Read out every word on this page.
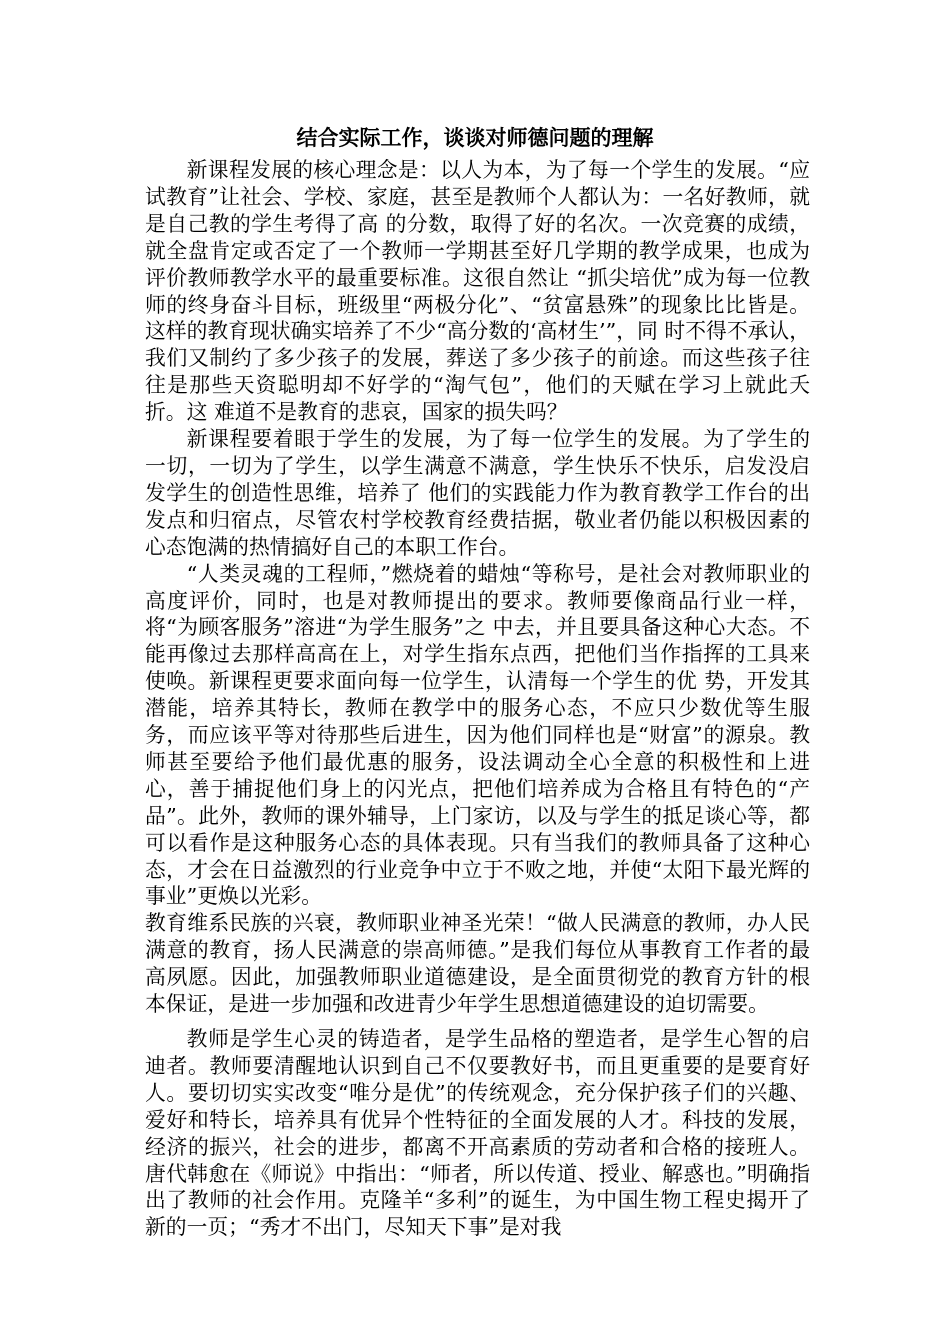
结合实际工作，谈谈对师德问题的理解

新课程发展的核心理念是：以人为本，为了每一个学生的发展。“应试教育”让社会、学校、家庭，甚至是教师个人都认为：一名好教师，就是自己教的学生考得了高 的分数，取得了好的名次。一次竞赛的成绩，就全盘肯定或否定了一个教师一学期甚至好几学期的教学成果，也成为评价教师教学水平的最重要标准。这很自然让 “抓尖培优”成为每一位教师的终身奋斗目标，班级里“两极分化”、“贫富悬殊”的现象比比皆是。这样的教育现状确实培养了不少“高分数的‘高材生’”，同 时不得不承认，我们又制约了多少孩子的发展，葬送了多少孩子的前途。而这些孩子往往是那些天资聪明却不好学的“淘气包”，他们的天赋在学习上就此夭折。这 难道不是教育的悲哀，国家的损失吗？

新课程要着眼于学生的发展，为了每一位学生的发展。为了学生的一切，一切为了学生，以学生满意不满意，学生快乐不快乐，启发没启发学生的创造性思维，培养了 他们的实践能力作为教育教学工作台的出发点和归宿点，尽管农村学校教育经费拮据，敬业者仍能以积极因素的心态饱满的热情搞好自己的本职工作台。

“人类灵魂的工程师，”燃烧着的蜡烛“等称号，是社会对教师职业的高度评价，同时，也是对教师提出的要求。教师要像商品行业一样，将“为顾客服务”溶进“为学生服务”之 中去，并且要具备这种心大态。不能再像过去那样高高在上，对学生指东点西，把他们当作指挥的工具来使唤。新课程更要求面向每一位学生，认清每一个学生的优 势，开发其潜能，培养其特长，教师在教学中的服务心态，不应只少数优等生服务，而应该平等对待那些后进生，因为他们同样也是“财富”的源泉。教师甚至要给予他们最优惠的服务，设法调动全心全意的积极性和上进心，善于捕捉他们身上的闪光点，把他们培养成为合格且有特色的“产品”。此外，教师的课外辅导，上门家访，以及与学生的抵足谈心等，都可以看作是这种服务心态的具体表现。只有当我们的教师具备了这种心态，才会在日益激烈的行业竞争中立于不败之地，并使“太阳下最光辉的事业”更焕以光彩。

教育维系民族的兴衰，教师职业神圣光荣！“做人民满意的教师，办人民满意的教育，扬人民满意的崇高师德。”是我们每位从事教育工作者的最高夙愿。因此，加强教师职业道德建设，是全面贯彻党的教育方针的根本保证，是进一步加强和改进青少年学生思想道德建设的迫切需要。

教师是学生心灵的铸造者，是学生品格的塑造者，是学生心智的启迪者。教师要清醒地认识到自己不仅要教好书，而且更重要的是要育好人。要切切实实改变“唯分是优”的传统观念，充分保护孩子们的兴趣、爱好和特长，培养具有优异个性特征的全面发展的人才。科技的发展，经济的振兴，社会的进步，都离不开高素质的劳动者和合格的接班人。唐代韩愈在《师说》中指出：“师者，所以传道、授业、解惑也。”明确指出了教师的社会作用。克隆羊“多利”的诞生，为中国生物工程史揭开了新的一页；“秀才不出门，尽知天下事”是对我
